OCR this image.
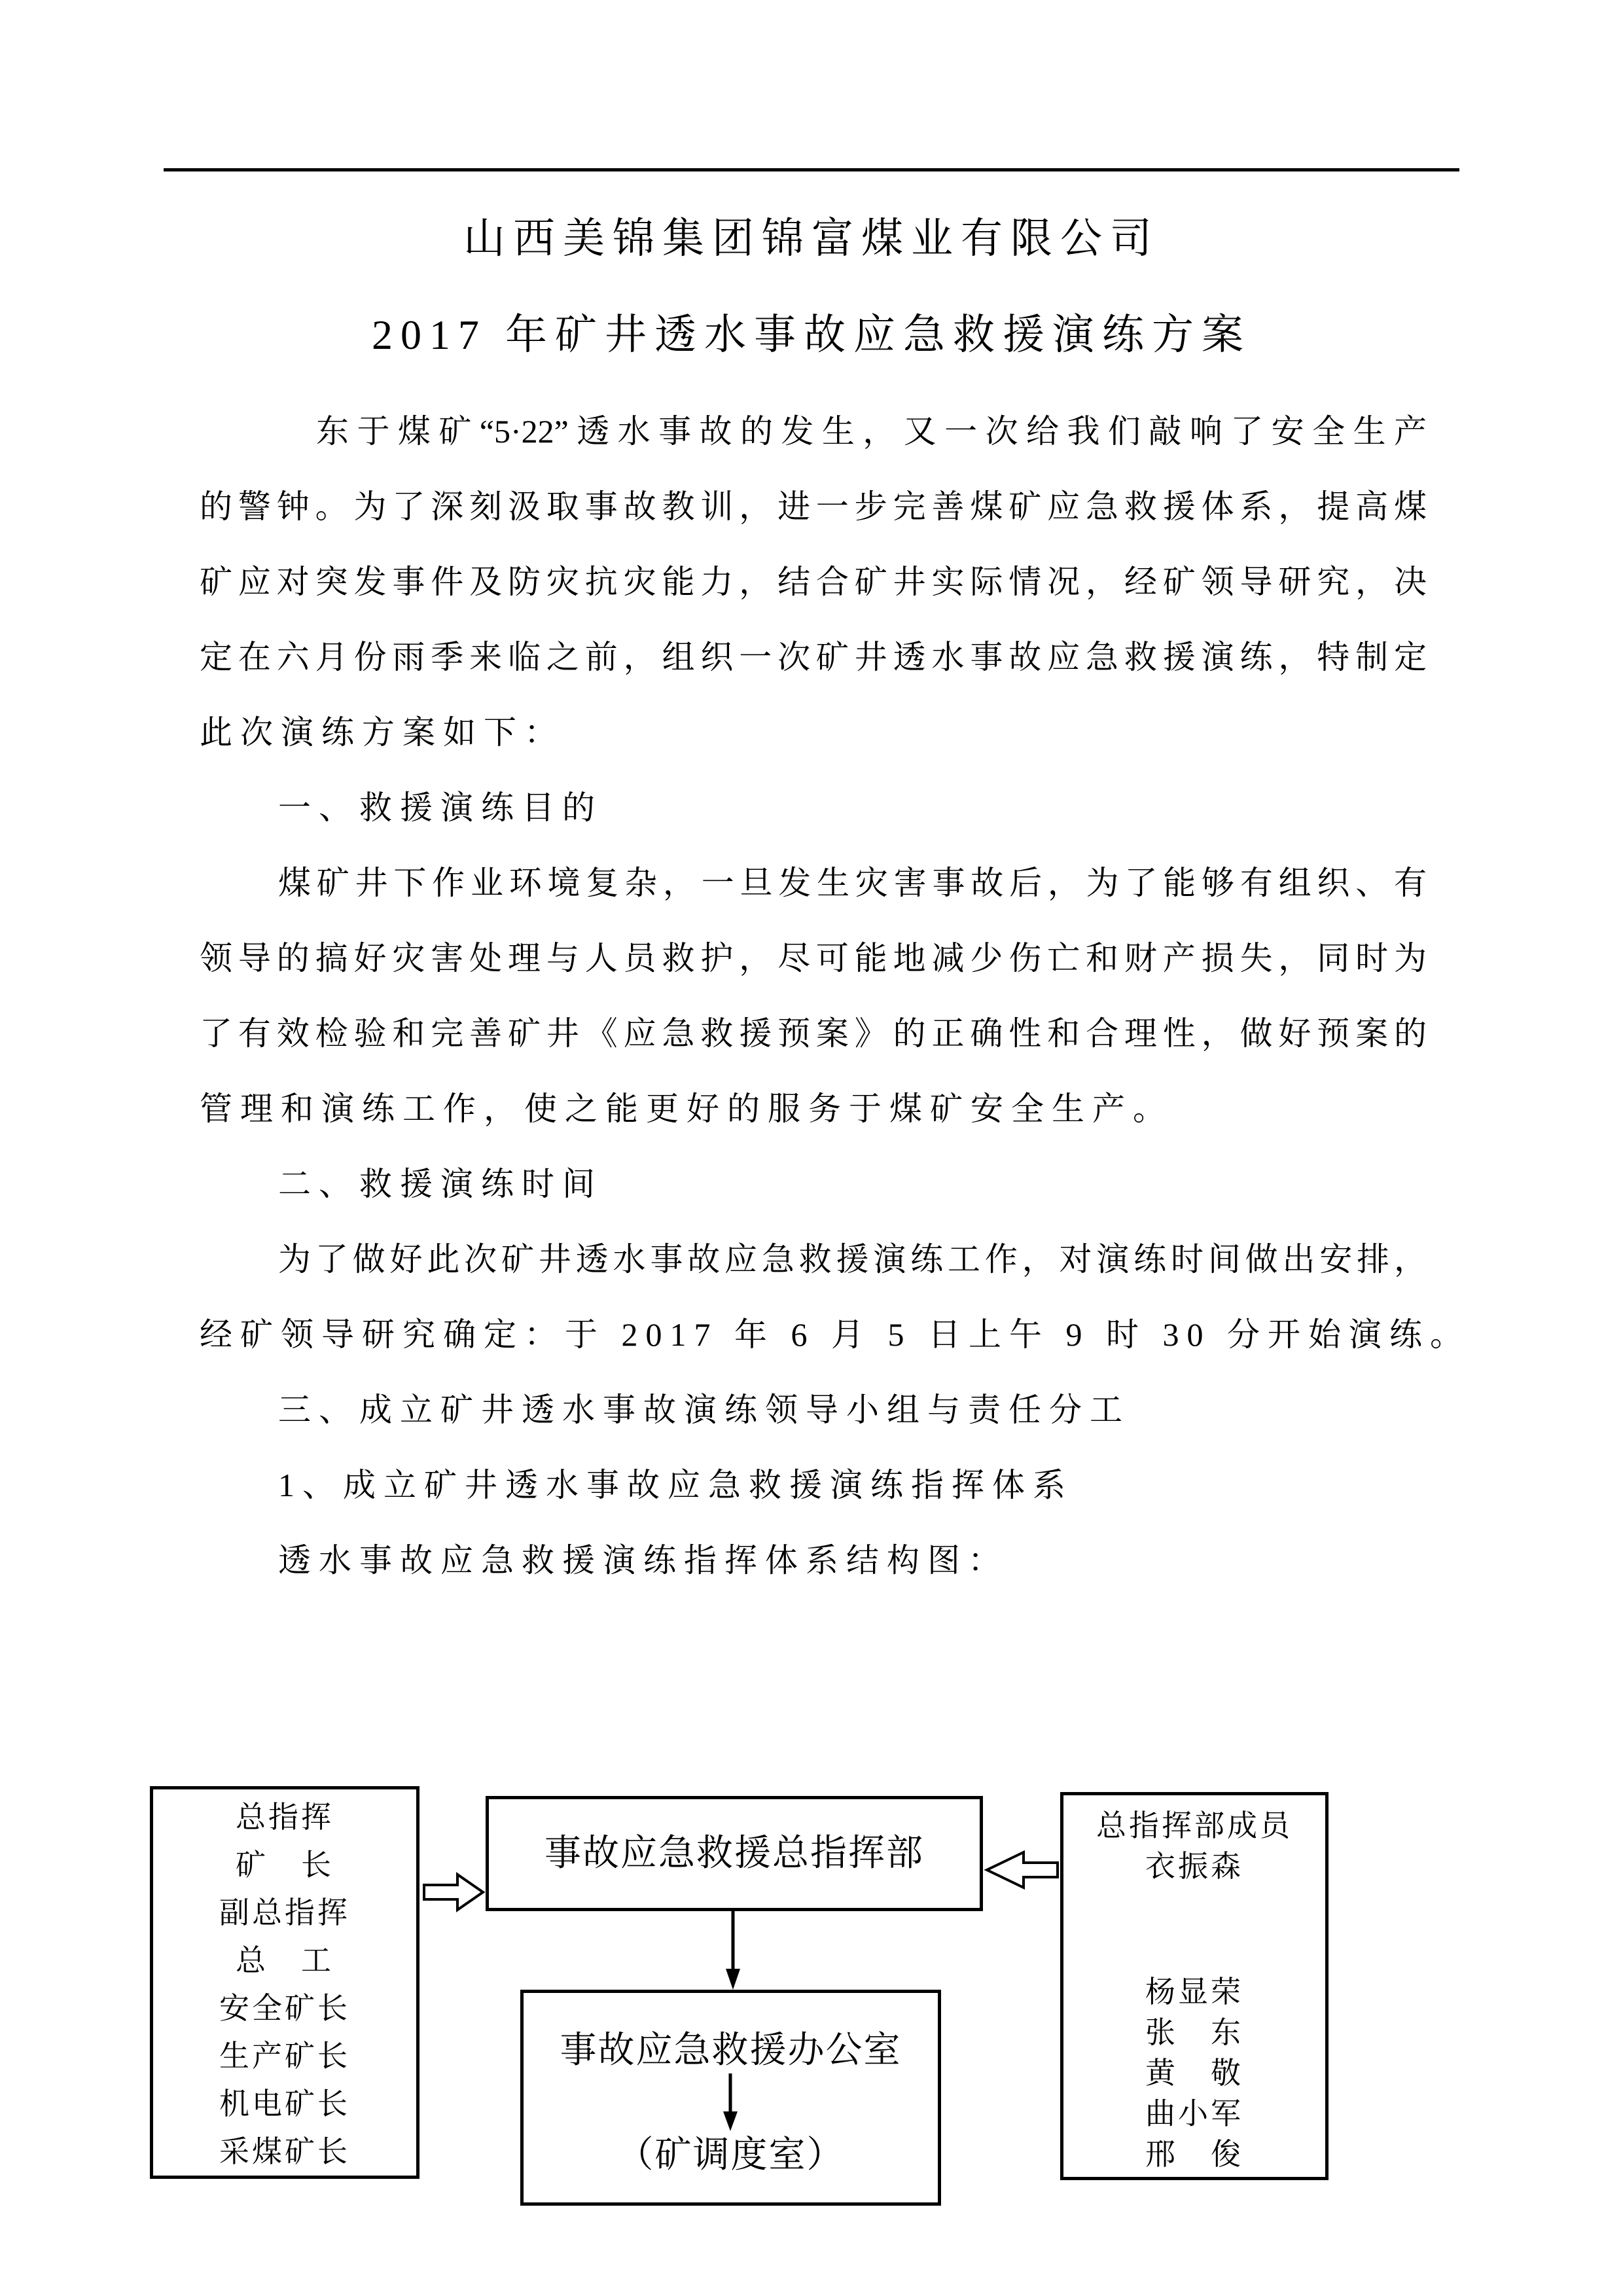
山西美锦集团锦富煤业有限公司
2017 年矿井透水事故应急救援演练方案
东于煤矿“5·22”透水事故的发生，又一次给我们敲响了安全生产
的警钟。为了深刻汲取事故教训，进一步完善煤矿应急救援体系，提高煤
矿应对突发事件及防灾抗灾能力，结合矿井实际情况，经矿领导研究，决
定在六月份雨季来临之前，组织一次矿井透水事故应急救援演练，特制定
此次演练方案如下：
一、救援演练目的
煤矿井下作业环境复杂，一旦发生灾害事故后，为了能够有组织、有
领导的搞好灾害处理与人员救护，尽可能地减少伤亡和财产损失，同时为
了有效检验和完善矿井《应急救援预案》的正确性和合理性，做好预案的
管理和演练工作，使之能更好的服务于煤矿安全生产。
二、救援演练时间
为了做好此次矿井透水事故应急救援演练工作，对演练时间做出安排，
经矿领导研究确定：于 2017 年 6 月 5 日上午 9 时 30 分开始演练。
三、成立矿井透水事故演练领导小组与责任分工
1、成立矿井透水事故应急救援演练指挥体系
透水事故应急救援演练指挥体系结构图：
总指挥
矿　长
副总指挥
总　工
安全矿长
生产矿长
机电矿长
采煤矿长
事故应急救援总指挥部
总指挥部成员
衣振森
杨显荣
张　东
黄　敬
曲小军
邢　俊
事故应急救援办公室
（矿调度室）
